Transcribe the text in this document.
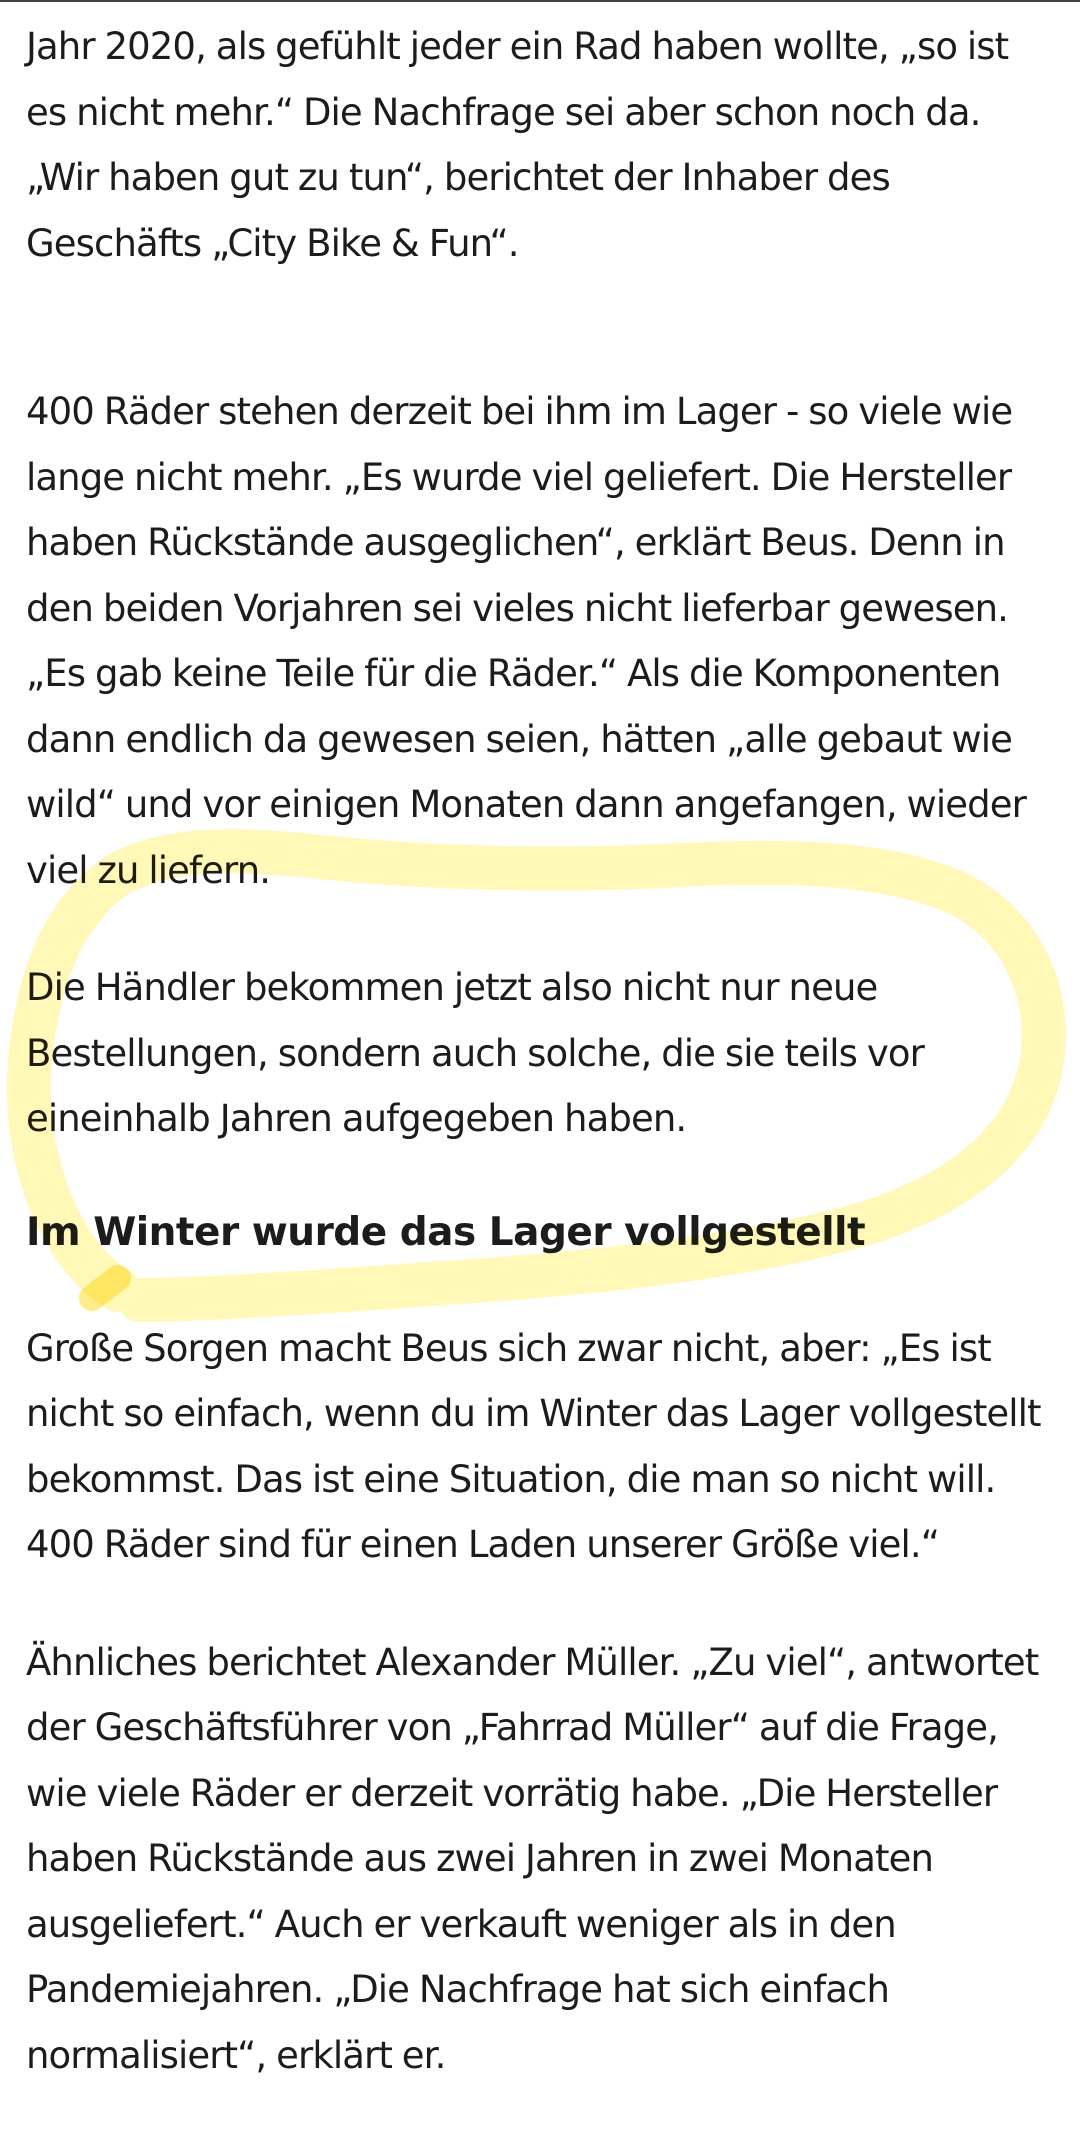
Jahr 2020, als gefühlt jeder ein Rad haben wollte, „so ist es nicht mehr.“ Die Nachfrage sei aber schon noch da. „Wir haben gut zu tun“, berichtet der Inhaber des Geschäfts „City Bike & Fun“.

400 Räder stehen derzeit bei ihm im Lager - so viele wie lange nicht mehr. „Es wurde viel geliefert. Die Hersteller haben Rückstände ausgeglichen“, erklärt Beus. Denn in den beiden Vorjahren sei vieles nicht lieferbar gewesen. „Es gab keine Teile für die Räder.“ Als die Komponenten dann endlich da gewesen seien, hätten „alle gebaut wie wild“ und vor einigen Monaten dann angefangen, wieder viel zu liefern.

Die Händler bekommen jetzt also nicht nur neue Bestellungen, sondern auch solche, die sie teils vor eineinhalb Jahren aufgegeben haben.

Im Winter wurde das Lager vollgestellt

Große Sorgen macht Beus sich zwar nicht, aber: „Es ist nicht so einfach, wenn du im Winter das Lager vollgestellt bekommst. Das ist eine Situation, die man so nicht will. 400 Räder sind für einen Laden unserer Größe viel.“

Ähnliches berichtet Alexander Müller. „Zu viel“, antwortet der Geschäftsführer von „Fahrrad Müller“ auf die Frage, wie viele Räder er derzeit vorrätig habe. „Die Hersteller haben Rückstände aus zwei Jahren in zwei Monaten ausgeliefert.“ Auch er verkauft weniger als in den Pandemiejahren. „Die Nachfrage hat sich einfach normalisiert“, erklärt er.
